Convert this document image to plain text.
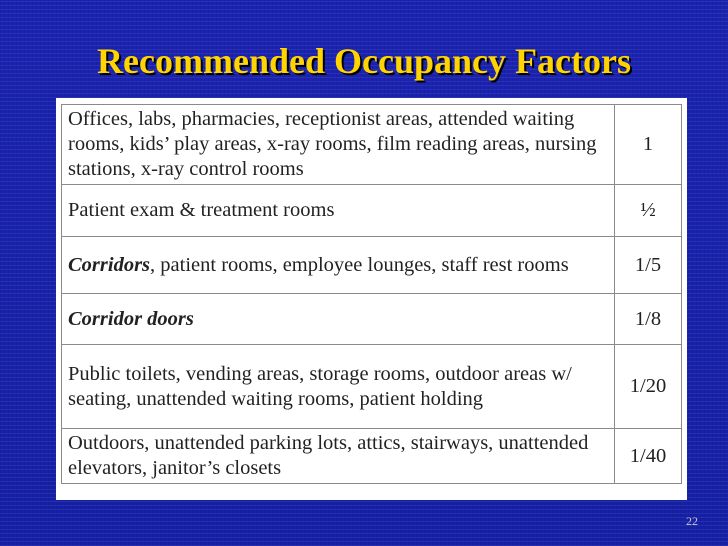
Recommended Occupancy Factors
Offices, labs, pharmacies, receptionist areas, attended waiting rooms, kids’ play areas, x-ray rooms, film reading areas, nursing stations, x-ray control rooms	1
Patient exam & treatment rooms	½
Corridors, patient rooms, employee lounges, staff rest rooms	1/5
Corridor doors	1/8
Public toilets, vending areas, storage rooms, outdoor areas w/ seating, unattended waiting rooms, patient holding	1/20
Outdoors, unattended parking lots, attics, stairways, unattended elevators, janitor’s closets	1/40
22
